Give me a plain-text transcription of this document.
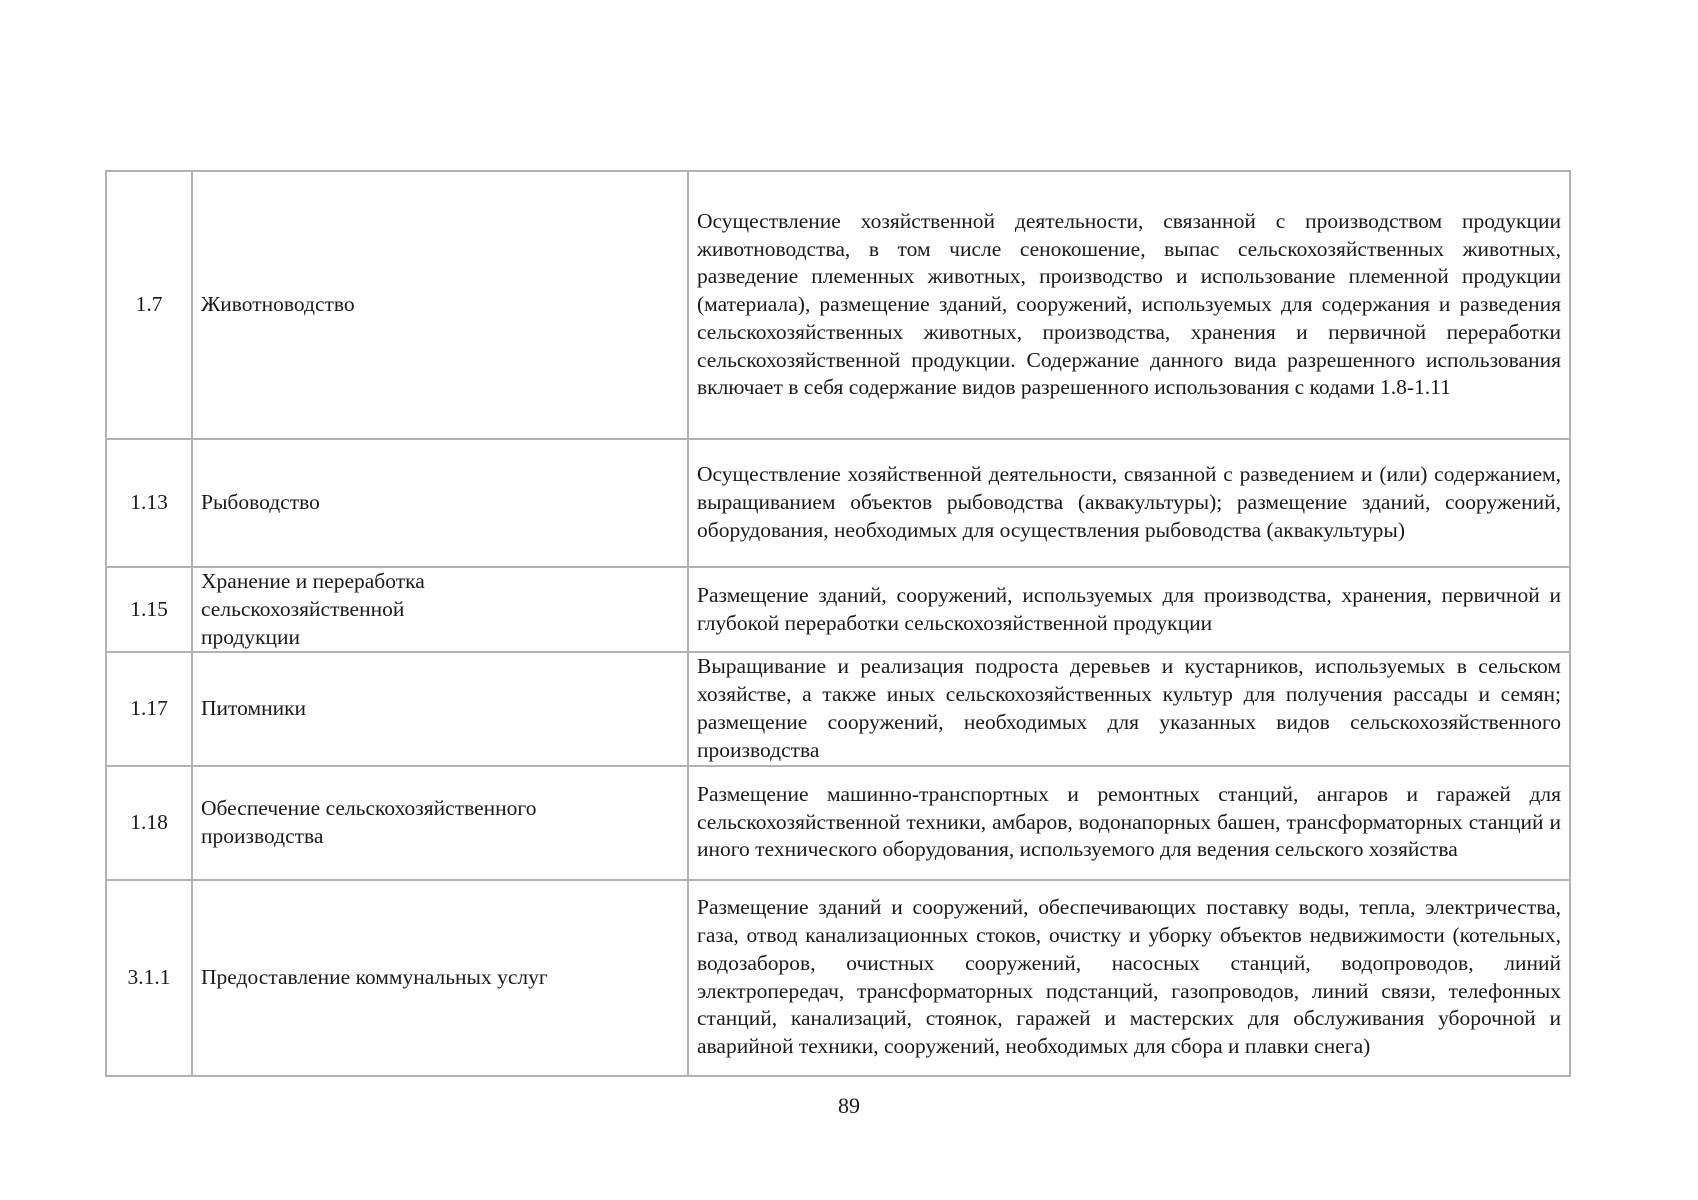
1.7	Животноводство	Осуществление хозяйственной деятельности, связанной с производством продукции животноводства, в том числе сенокошение, выпас сельскохозяйственных животных, разведение племенных животных, производство и использование племенной продукции (материала), размещение зданий, сооружений, используемых для содержания и разведения сельскохозяйственных животных, производства, хранения и первичной переработки сельскохозяйственной продукции. Содержание данного вида разрешенного использования включает в себя содержание видов разрешенного использования с кодами 1.8-1.11
1.13	Рыбоводство	Осуществление хозяйственной деятельности, связанной с разведением и (или) содержанием, выращиванием объектов рыбоводства (аквакультуры); размещение зданий, сооружений, оборудования, необходимых для осуществления рыбоводства (аквакультуры)
1.15	Хранение и переработка сельскохозяйственной продукции	Размещение зданий, сооружений, используемых для производства, хранения, первичной и глубокой переработки сельскохозяйственной продукции
1.17	Питомники	Выращивание и реализация подроста деревьев и кустарников, используемых в сельском хозяйстве, а также иных сельскохозяйственных культур для получения рассады и семян; размещение сооружений, необходимых для указанных видов сельскохозяйственного производства
1.18	Обеспечение сельскохозяйственного производства	Размещение машинно-транспортных и ремонтных станций, ангаров и гаражей для сельскохозяйственной техники, амбаров, водонапорных башен, трансформаторных станций и иного технического оборудования, используемого для ведения сельского хозяйства
3.1.1	Предоставление коммунальных услуг	Размещение зданий и сооружений, обеспечивающих поставку воды, тепла, электричества, газа, отвод канализационных стоков, очистку и уборку объектов недвижимости (котельных, водозаборов, очистных сооружений, насосных станций, водопроводов, линий электропередач, трансформаторных подстанций, газопроводов, линий связи, телефонных станций, канализаций, стоянок, гаражей и мастерских для обслуживания уборочной и аварийной техники, сооружений, необходимых для сбора и плавки снега)
89
